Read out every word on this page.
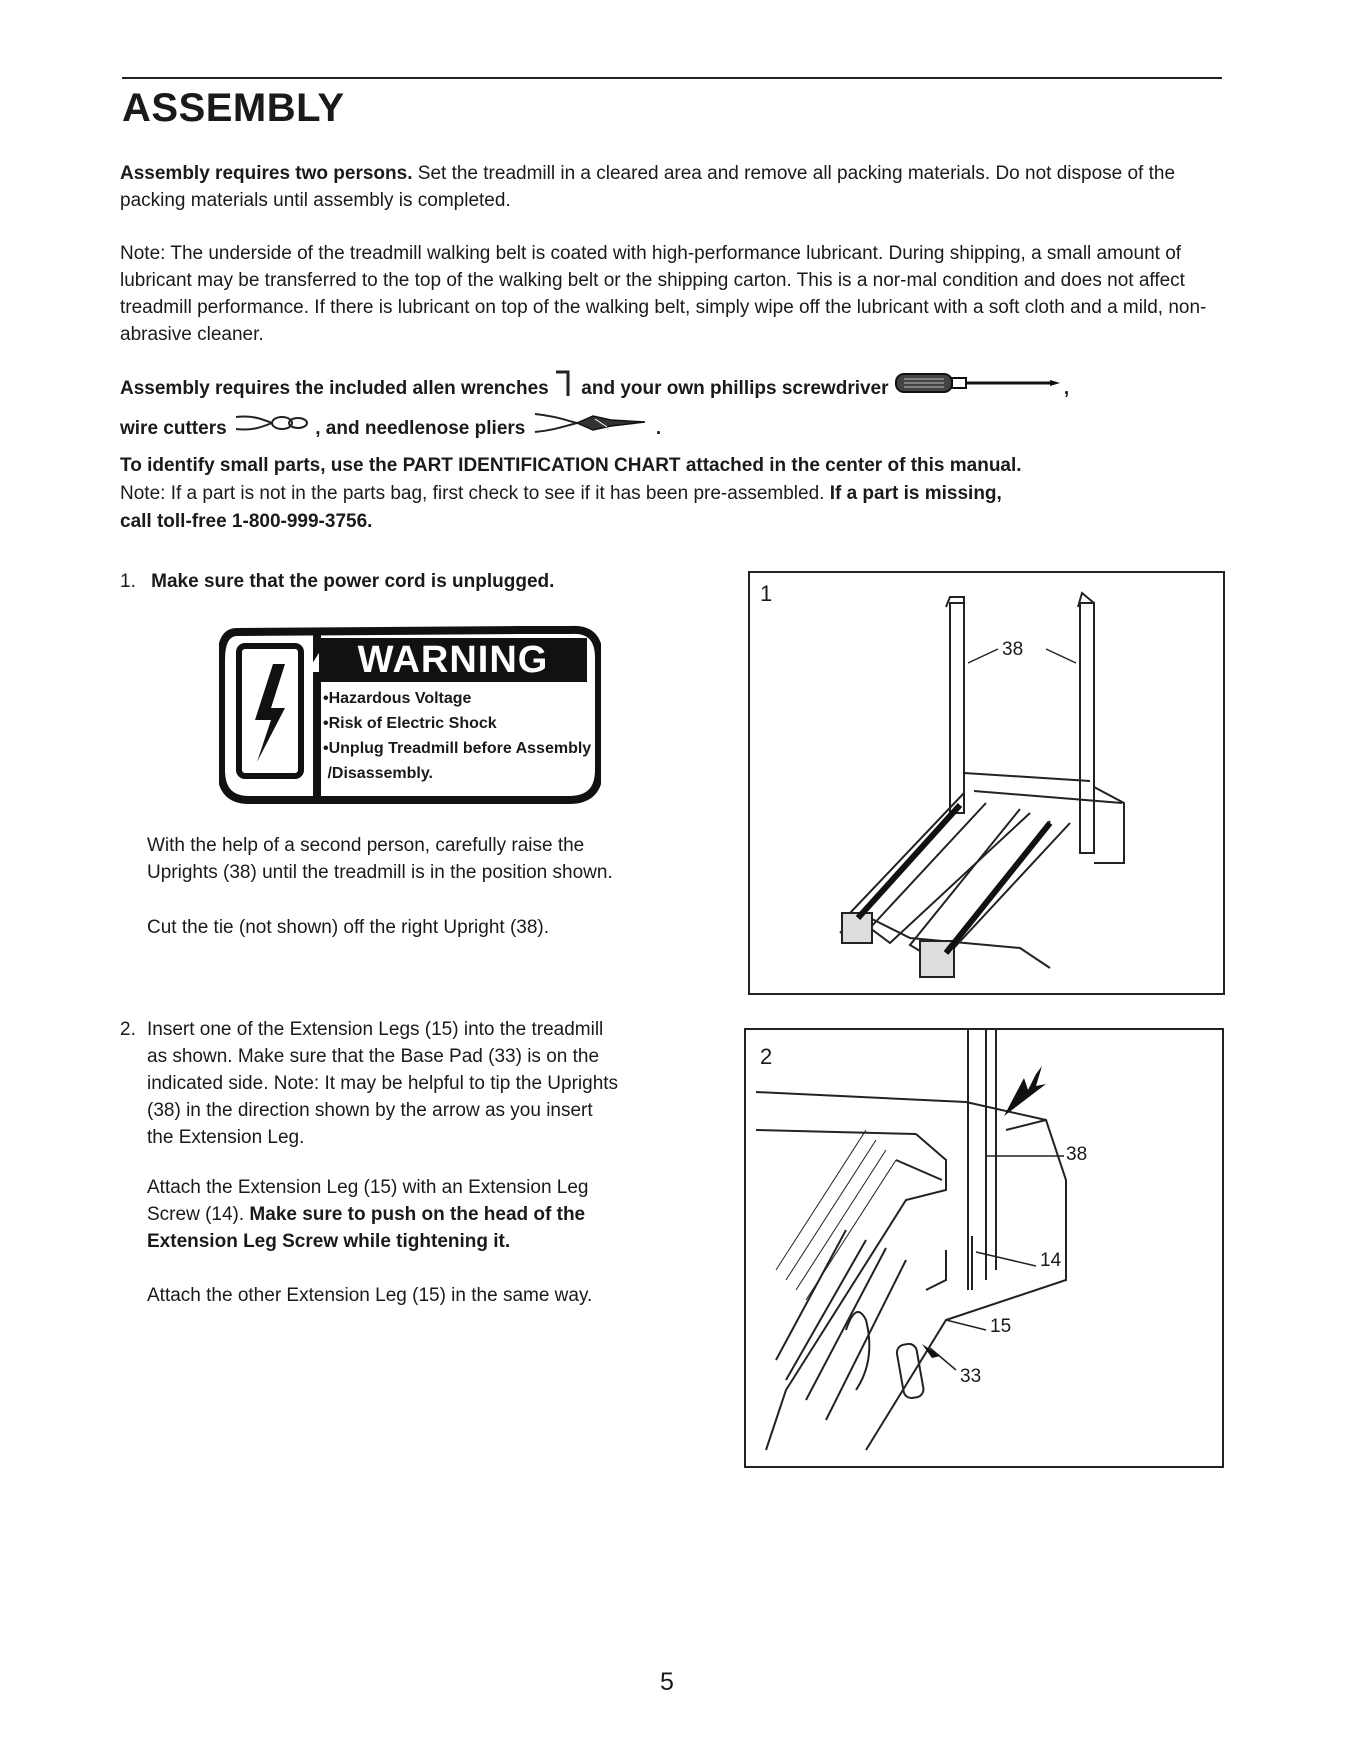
ASSEMBLY

Assembly requires two persons. Set the treadmill in a cleared area and remove all packing materials. Do not dispose of the packing materials until assembly is completed.

Note: The underside of the treadmill walking belt is coated with high-performance lubricant. During shipping, a small amount of lubricant may be transferred to the top of the walking belt or the shipping carton. This is a nor-mal condition and does not affect treadmill performance. If there is lubricant on top of the walking belt, simply wipe off the lubricant with a soft cloth and a mild, non-abrasive cleaner.

Assembly requires the included allen wrenches and your own phillips screwdriver	,
wire cutters	, and needlenose pliers	.
To identify small parts, use the PART IDENTIFICATION CHART attached in the center of this manual.
Note: If a part is not in the parts bag, first check to see if it has been pre-assembled. If a part is missing,
call toll-free 1-800-999-3756.
1. Make sure that the power cord is unplugged.
WARNING
•Hazardous Voltage
•Risk of Electric Shock
•Unplug Treadmill before Assembly
/Disassembly.
With the help of a second person, carefully raise the
Uprights (38) until the treadmill is in the position shown.
Cut the tie (not shown) off the right Upright (38).
1
38
2. Insert one of the Extension Legs (15) into the treadmill
as shown. Make sure that the Base Pad (33) is on the
indicated side. Note: It may be helpful to tip the Uprights
(38) in the direction shown by the arrow as you insert
the Extension Leg.
Attach the Extension Leg (15) with an Extension Leg
Screw (14). Make sure to push on the head of the
Extension Leg Screw while tightening it.
Attach the other Extension Leg (15) in the same way.
2
38
14
15
33
5
